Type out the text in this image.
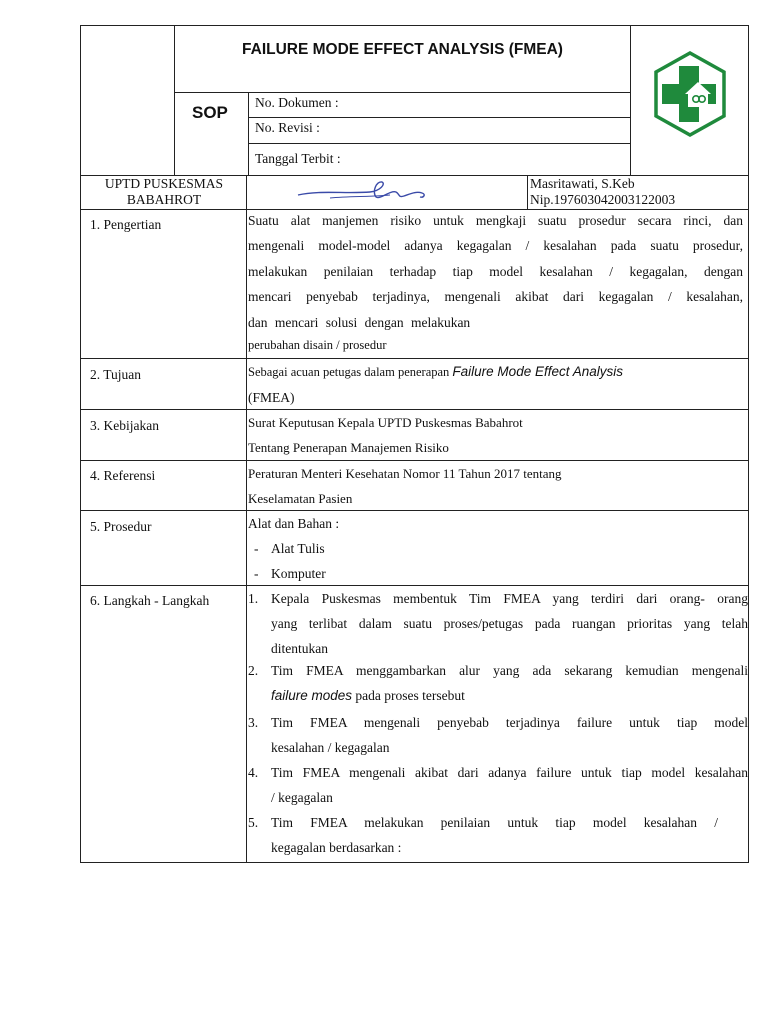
FAILURE MODE EFFECT ANALYSIS (FMEA)
SOP
No. Dokumen :
No. Revisi :
Tanggal Terbit :
UPTD PUSKESMAS
BABAHROT
Masritawati, S.Keb
Nip.197603042003122003
1. Pengertian	Suatu alat manjemen risiko untuk mengkaji suatu prosedur secara rinci, dan
mengenali model-model adanya kegagalan / kesalahan pada suatu prosedur,
melakukan penilaian terhadap tiap model kesalahan / kegagalan, dengan
mencari penyebab terjadinya, mengenali akibat dari kegagalan / kesalahan,
dan mencari solusi dengan melakukan
perubahan disain / prosedur
2. Tujuan	Sebagai acuan petugas dalam penerapan Failure Mode Effect Analysis
(FMEA)
3. Kebijakan	Surat Keputusan Kepala UPTD Puskesmas Babahrot
Tentang Penerapan Manajemen Risiko
4. Referensi	Peraturan Menteri Kesehatan Nomor 11 Tahun 2017 tentang
Keselamatan Pasien
5. Prosedur	Alat dan Bahan :
- Alat Tulis
- Komputer
6. Langkah - Langkah	1. Kepala Puskesmas membentuk Tim FMEA yang terdiri dari orang- orang
yang terlibat dalam suatu proses/petugas pada ruangan prioritas yang telah
ditentukan
2. Tim FMEA menggambarkan alur yang ada sekarang kemudian mengenali
failure modes pada proses tersebut
3. Tim FMEA mengenali penyebab terjadinya failure untuk tiap model
kesalahan / kegagalan
4. Tim FMEA mengenali akibat dari adanya failure untuk tiap model kesalahan
/ kegagalan
5. Tim FMEA melakukan penilaian untuk tiap model kesalahan /
kegagalan berdasarkan :
